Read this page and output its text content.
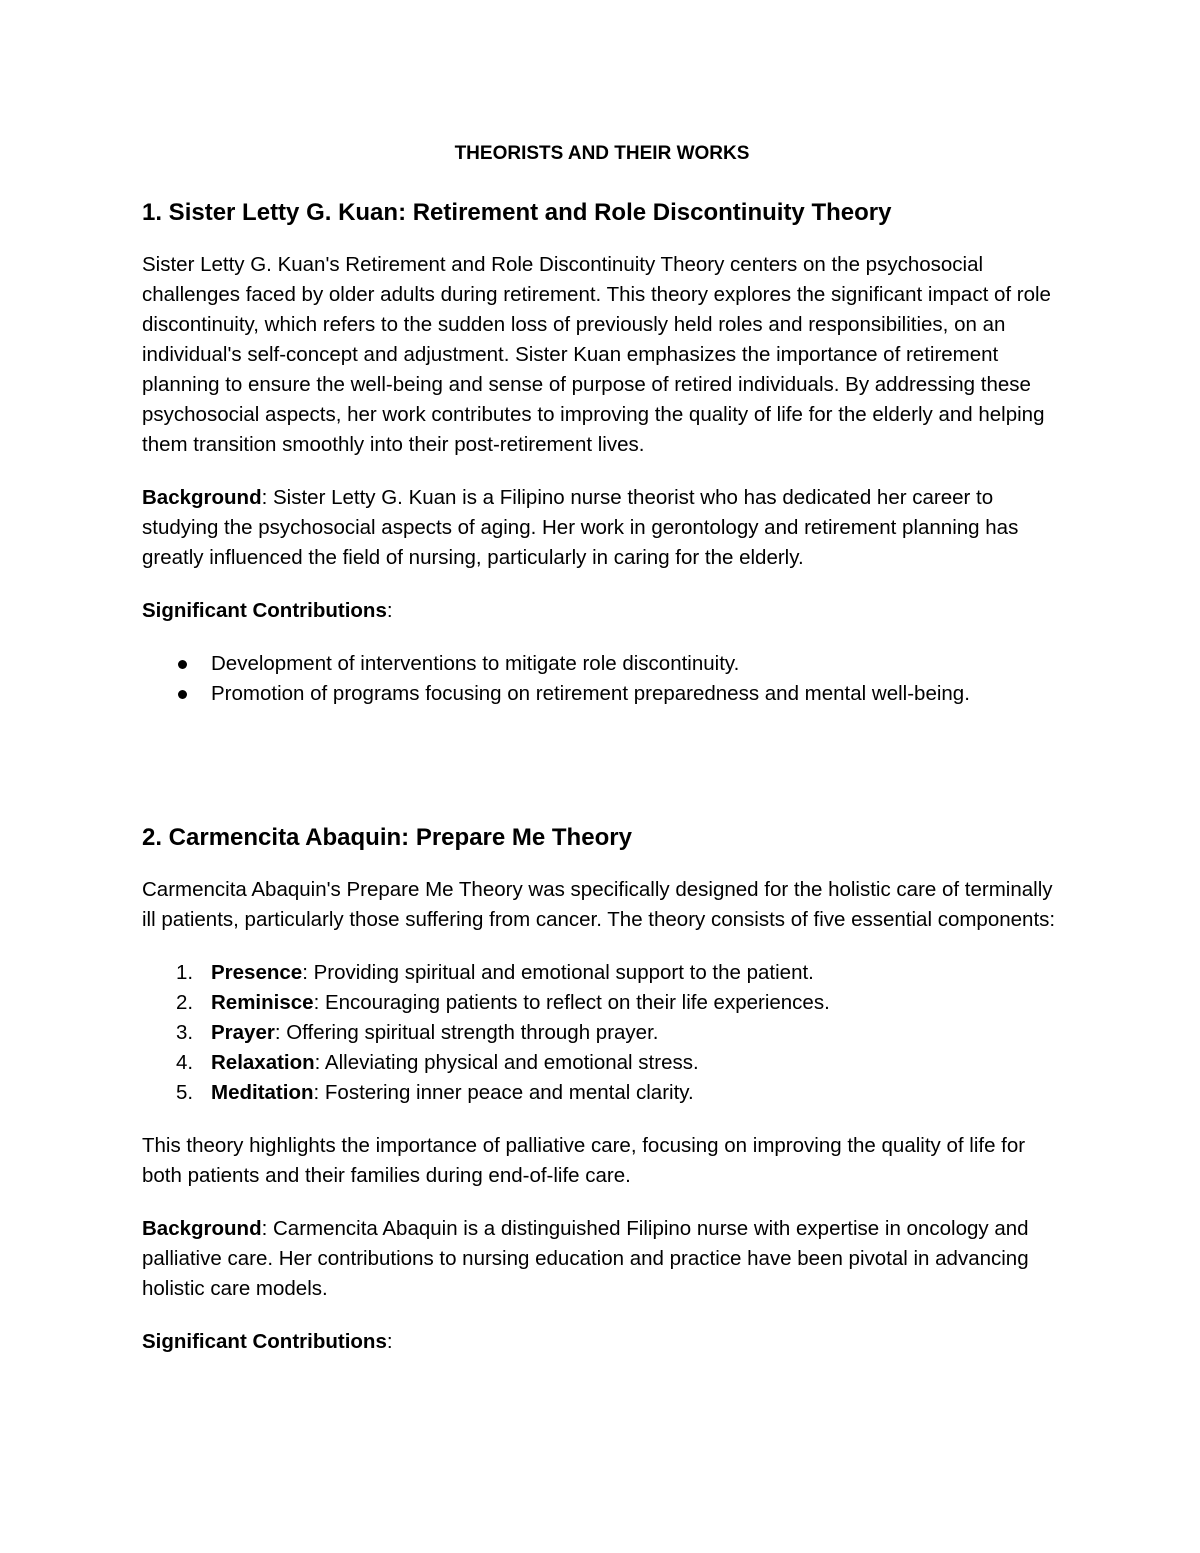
THEORISTS AND THEIR WORKS
1. Sister Letty G. Kuan: Retirement and Role Discontinuity Theory

Sister Letty G. Kuan's Retirement and Role Discontinuity Theory centers on the psychosocial challenges faced by older adults during retirement. This theory explores the significant impact of role discontinuity, which refers to the sudden loss of previously held roles and responsibilities, on an individual's self-concept and adjustment. Sister Kuan emphasizes the importance of retirement planning to ensure the well-being and sense of purpose of retired individuals. By addressing these psychosocial aspects, her work contributes to improving the quality of life for the elderly and helping them transition smoothly into their post-retirement lives.

Background: Sister Letty G. Kuan is a Filipino nurse theorist who has dedicated her career to studying the psychosocial aspects of aging. Her work in gerontology and retirement planning has greatly influenced the field of nursing, particularly in caring for the elderly.

Significant Contributions:

Development of interventions to mitigate role discontinuity.
Promotion of programs focusing on retirement preparedness and mental well-being.
2. Carmencita Abaquin: Prepare Me Theory

Carmencita Abaquin's Prepare Me Theory was specifically designed for the holistic care of terminally ill patients, particularly those suffering from cancer. The theory consists of five essential components:

1. Presence: Providing spiritual and emotional support to the patient.
2. Reminisce: Encouraging patients to reflect on their life experiences.
3. Prayer: Offering spiritual strength through prayer.
4. Relaxation: Alleviating physical and emotional stress.
5. Meditation: Fostering inner peace and mental clarity.

This theory highlights the importance of palliative care, focusing on improving the quality of life for both patients and their families during end-of-life care.

Background: Carmencita Abaquin is a distinguished Filipino nurse with expertise in oncology and palliative care. Her contributions to nursing education and practice have been pivotal in advancing holistic care models.

Significant Contributions:
